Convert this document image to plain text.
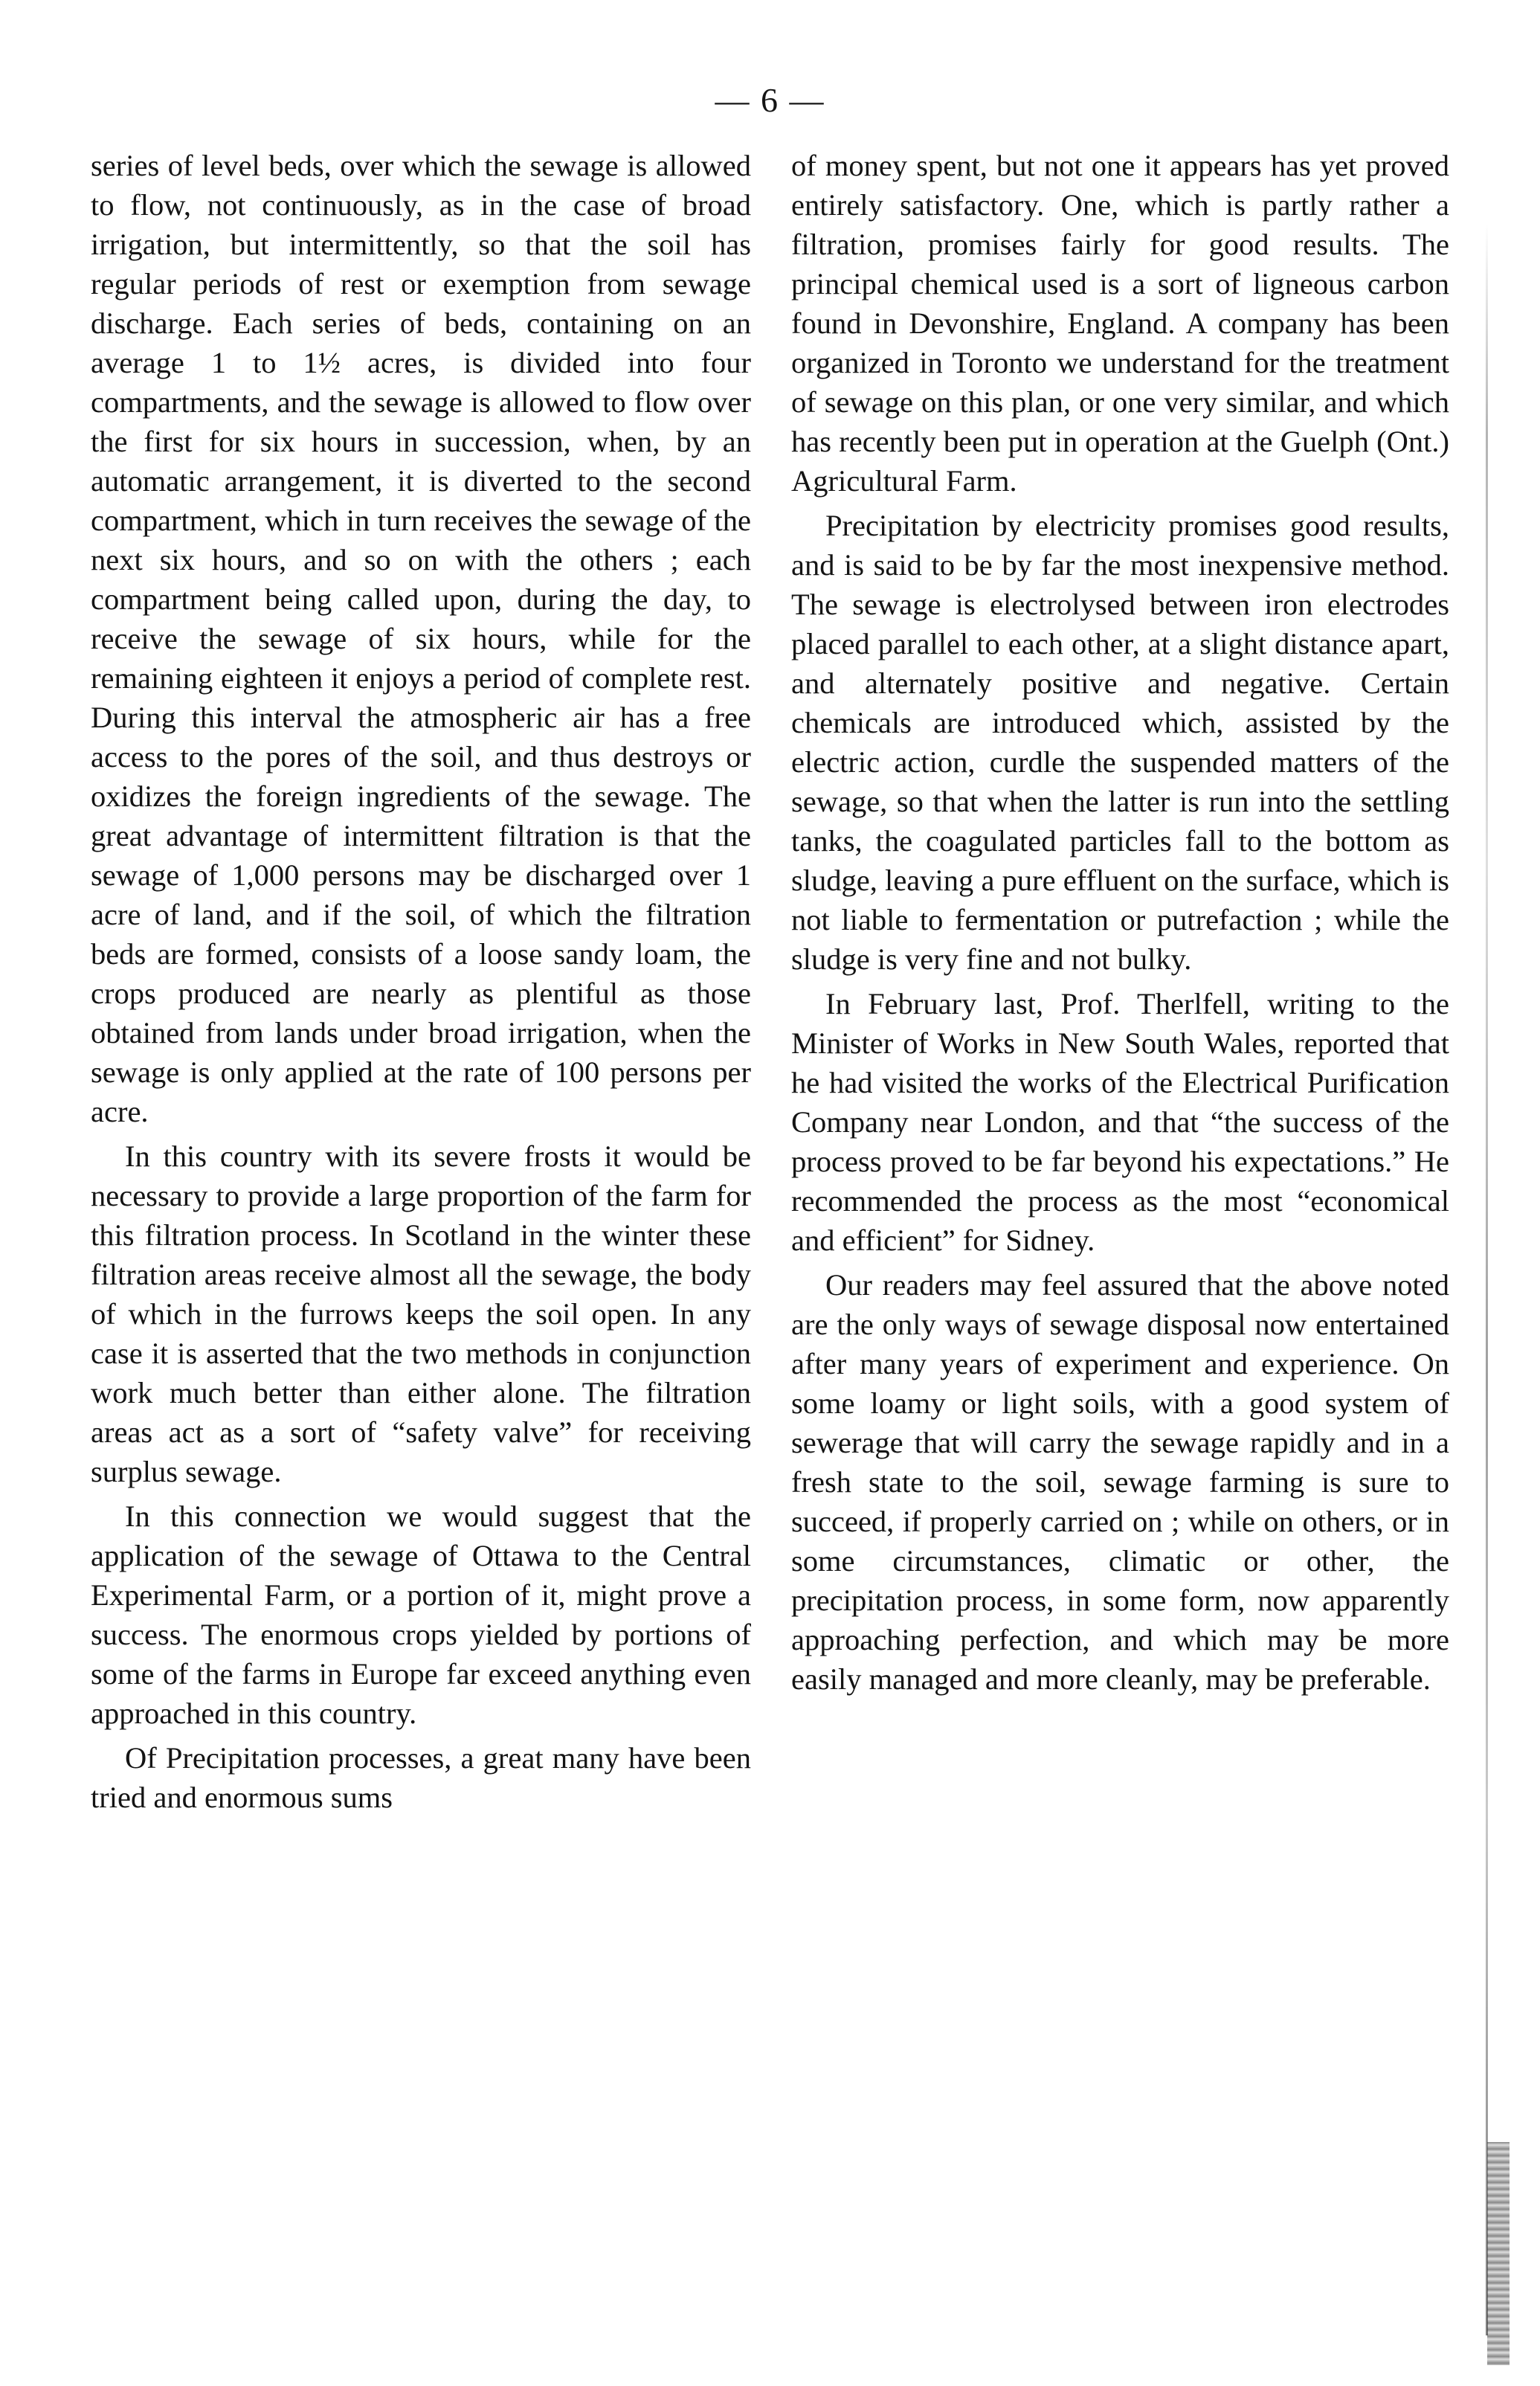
— 6 —

series of level beds, over which the sewage is allowed to flow, not continuously, as in the case of broad irrigation, but intermittently, so that the soil has regular periods of rest or exemption from sewage discharge. Each series of beds, containing on an average 1 to 1½ acres, is divided into four compartments, and the sewage is allowed to flow over the first for six hours in succession, when, by an automatic arrangement, it is diverted to the second compartment, which in turn receives the sewage of the next six hours, and so on with the others ; each compartment being called upon, during the day, to receive the sewage of six hours, while for the remaining eighteen it enjoys a period of complete rest. During this interval the atmospheric air has a free access to the pores of the soil, and thus destroys or oxidizes the foreign ingredients of the sewage. The great advantage of intermittent filtration is that the sewage of 1,000 persons may be discharged over 1 acre of land, and if the soil, of which the filtration beds are formed, consists of a loose sandy loam, the crops produced are nearly as plentiful as those obtained from lands under broad irrigation, when the sewage is only applied at the rate of 100 persons per acre.

In this country with its severe frosts it would be necessary to provide a large proportion of the farm for this filtration process. In Scotland in the winter these filtration areas receive almost all the sewage, the body of which in the furrows keeps the soil open. In any case it is asserted that the two methods in conjunction work much better than either alone. The filtration areas act as a sort of “safety valve” for receiving surplus sewage.

In this connection we would suggest that the application of the sewage of Ottawa to the Central Experimental Farm, or a portion of it, might prove a success. The enormous crops yielded by portions of some of the farms in Europe far exceed anything even approached in this country.

Of Precipitation processes, a great many have been tried and enormous sums

of money spent, but not one it appears has yet proved entirely satisfactory. One, which is partly rather a filtration, promises fairly for good results. The principal chemical used is a sort of ligneous carbon found in Devonshire, England. A company has been organized in Toronto we understand for the treatment of sewage on this plan, or one very similar, and which has recently been put in operation at the Guelph (Ont.) Agricultural Farm.

Precipitation by electricity promises good results, and is said to be by far the most inexpensive method. The sewage is electrolysed between iron electrodes placed parallel to each other, at a slight distance apart, and alternately positive and negative. Certain chemicals are introduced which, assisted by the electric action, curdle the suspended matters of the sewage, so that when the latter is run into the settling tanks, the coagulated particles fall to the bottom as sludge, leaving a pure effluent on the surface, which is not liable to fermentation or putrefaction ; while the sludge is very fine and not bulky.

In February last, Prof. Therlfell, writing to the Minister of Works in New South Wales, reported that he had visited the works of the Electrical Purification Company near London, and that “the success of the process proved to be far beyond his expectations.” He recommended the process as the most “economical and efficient” for Sidney.

Our readers may feel assured that the above noted are the only ways of sewage disposal now entertained after many years of experiment and experience. On some loamy or light soils, with a good system of sewerage that will carry the sewage rapidly and in a fresh state to the soil, sewage farming is sure to succeed, if properly carried on ; while on others, or in some circumstances, climatic or other, the precipitation process, in some form, now apparently approaching perfection, and which may be more easily managed and more cleanly, may be preferable.
